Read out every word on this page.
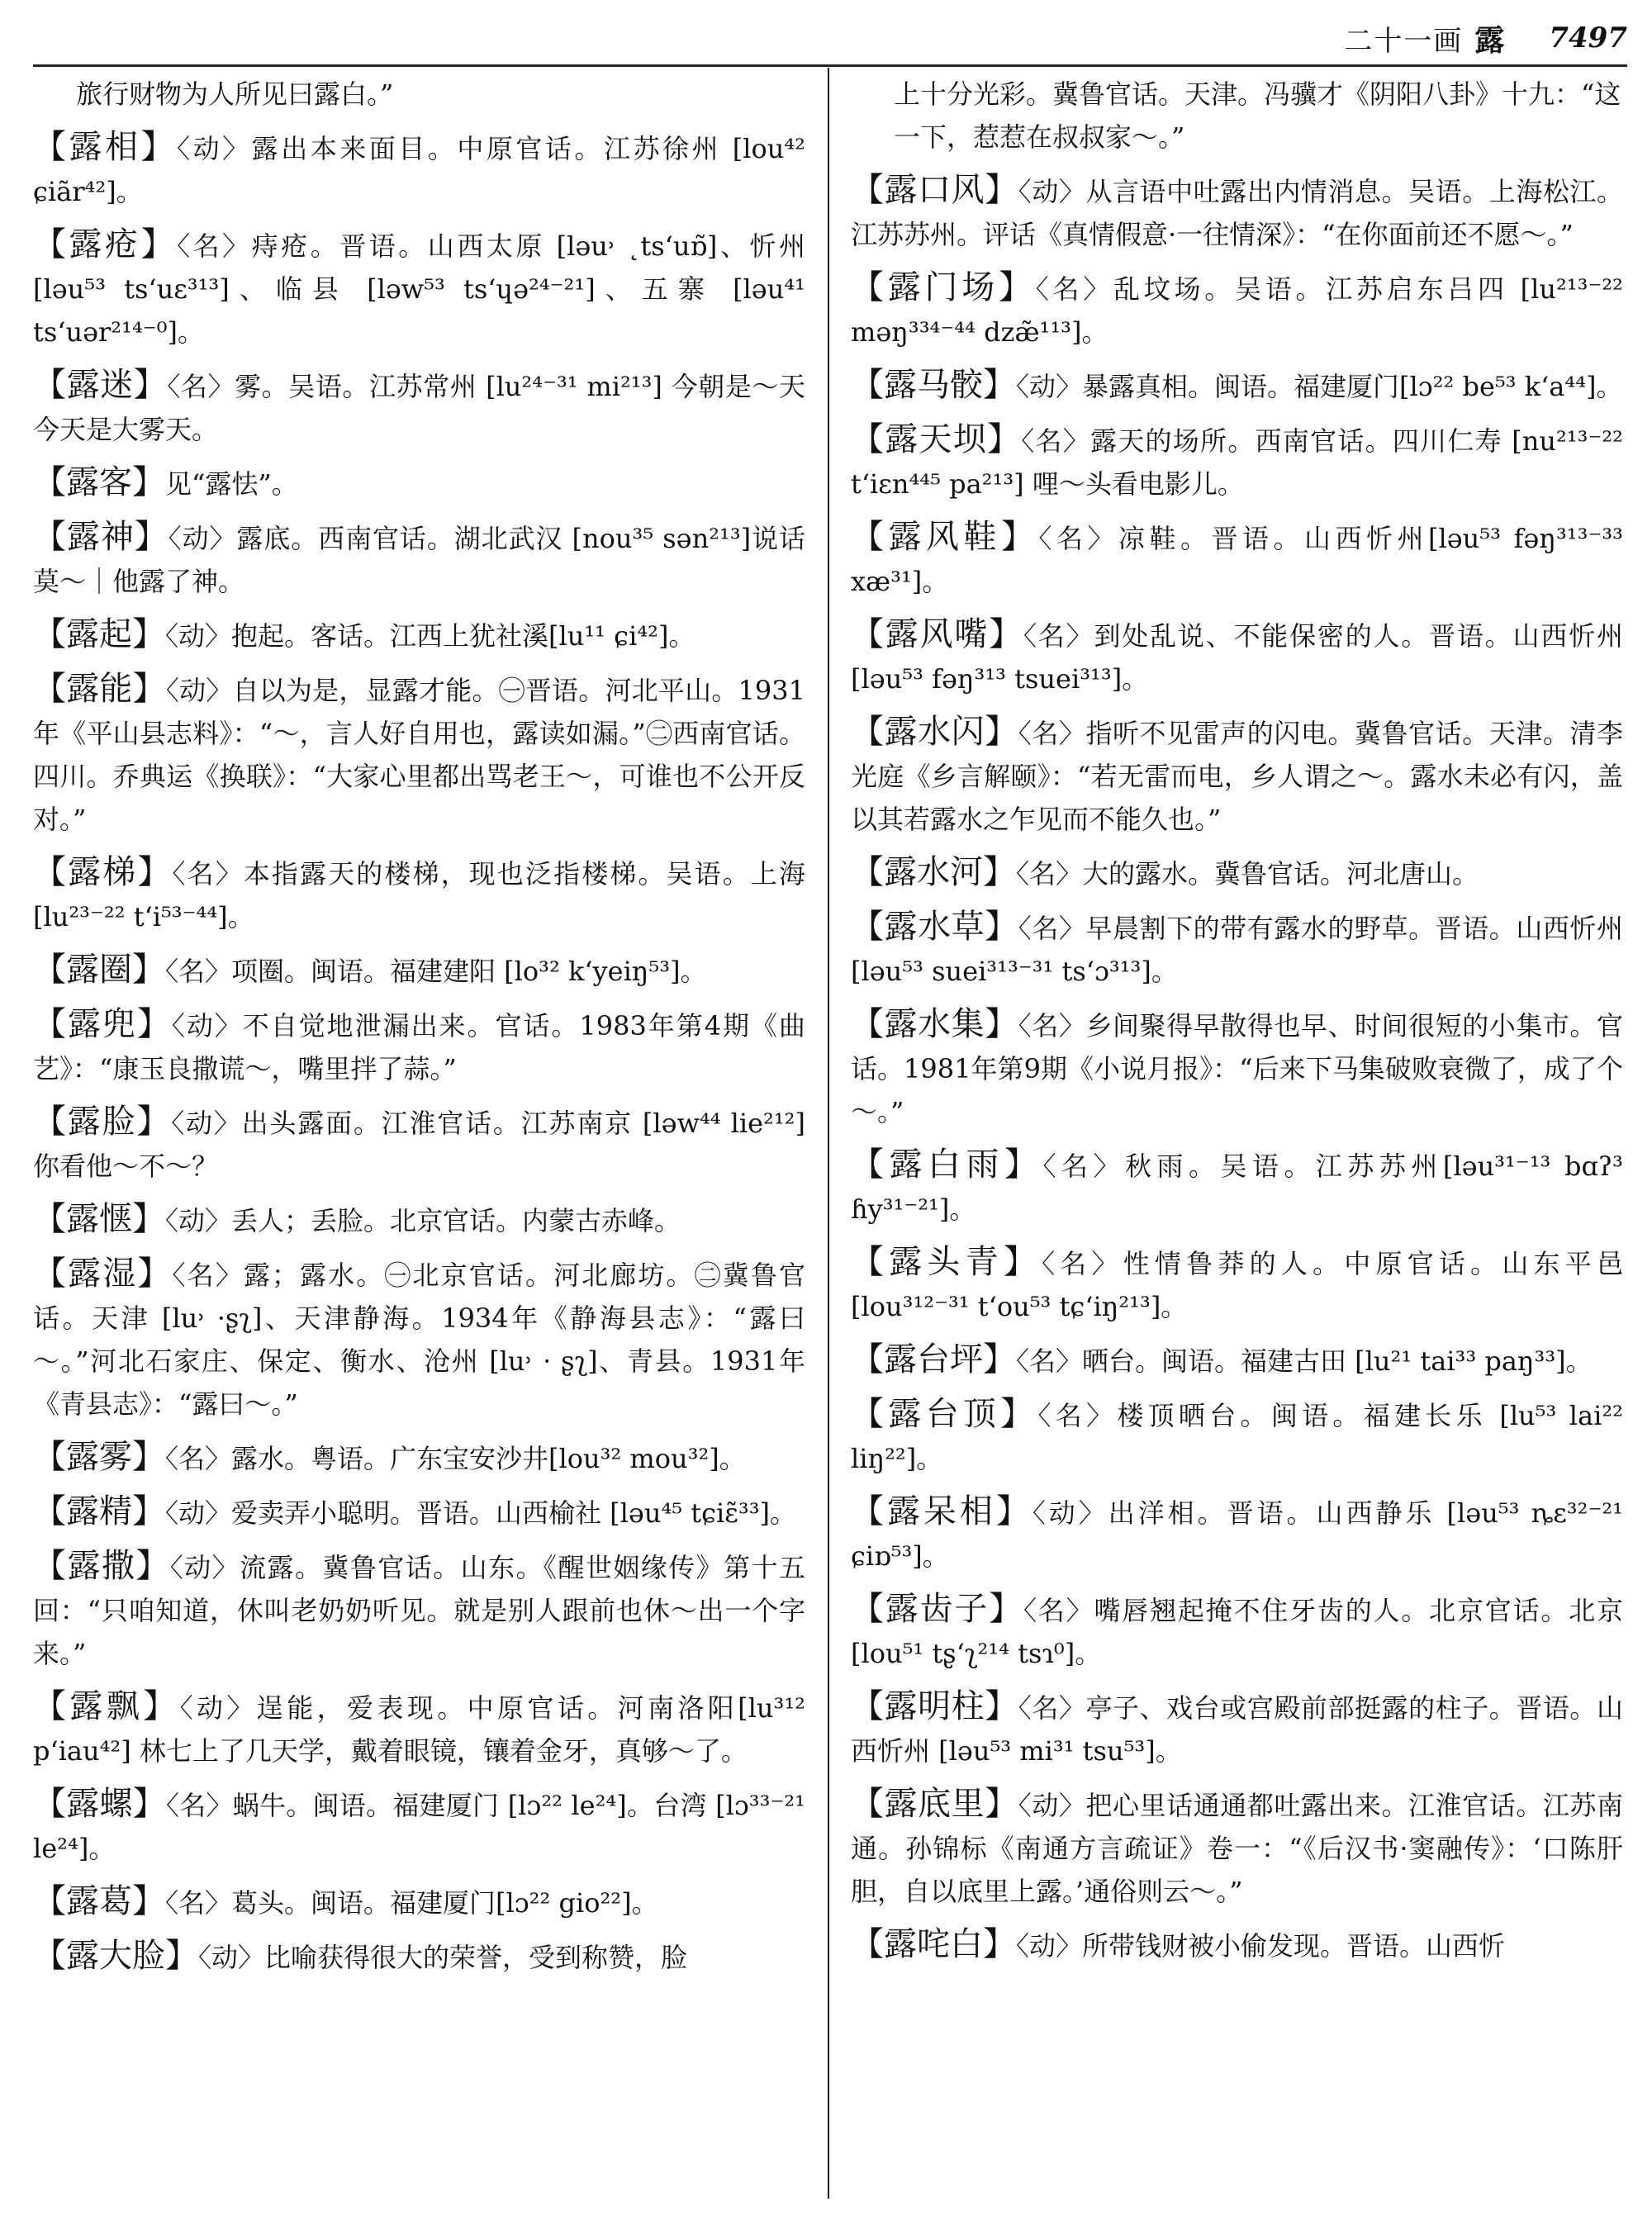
二十一画 露 7497

旅行财物为人所见曰露白。”

【露相】〈动〉露出本来面目。中原官话。江苏徐州 [lou⁴² ɕiãr⁴²]。

【露疮】〈名〉痔疮。晋语。山西太原 [ləu˒ ˛tsʻuɒ̃]、忻州 [ləu⁵³ tsʻuɛ³¹³]、临县 [ləw⁵³ tsʻɥə²⁴⁻²¹]、五寨 [ləu⁴¹ tsʻuər²¹⁴⁻⁰]。

【露迷】〈名〉雾。吴语。江苏常州 [lu²⁴⁻³¹ mi²¹³] 今朝是～天今天是大雾天。

【露客】见“露怯”。

【露神】〈动〉露底。西南官话。湖北武汉 [nou³⁵ sən²¹³]说话莫～｜他露了神。

【露起】〈动〉抱起。客话。江西上犹社溪[lu¹¹ ɕi⁴²]。

【露能】〈动〉自以为是，显露才能。㊀晋语。河北平山。1931年《平山县志料》：“～，言人好自用也，露读如漏。”㊁西南官话。四川。乔典运《换联》：“大家心里都出骂老王～，可谁也不公开反对。”

【露梯】〈名〉本指露天的楼梯，现也泛指楼梯。吴语。上海 [lu²³⁻²² tʻi⁵³⁻⁴⁴]。

【露圈】〈名〉项圈。闽语。福建建阳 [lo³² kʻyeiŋ⁵³]。

【露兜】〈动〉不自觉地泄漏出来。官话。1983年第4期《曲艺》：“康玉良撒谎～，嘴里拌了蒜。”

【露脸】〈动〉出头露面。江淮官话。江苏南京 [ləw⁴⁴ lie²¹²] 你看他～不～？

【露惬】〈动〉丢人；丢脸。北京官话。内蒙古赤峰。

【露湿】〈名〉露；露水。㊀北京官话。河北廊坊。㊁冀鲁官话。天津 [lu˒ ·ʂʅ]、天津静海。1934年《静海县志》：“露曰～。”河北石家庄、保定、衡水、沧州 [lu˒ · ʂʅ]、青县。1931年《青县志》：“露曰～。”

【露雾】〈名〉露水。粤语。广东宝安沙井[lou³² mou³²]。

【露精】〈动〉爱卖弄小聪明。晋语。山西榆社 [ləu⁴⁵ tɕiɛ̃³³]。

【露撒】〈动〉流露。冀鲁官话。山东。《醒世姻缘传》第十五回：“只咱知道，休叫老奶奶听见。就是别人跟前也休～出一个字来。”

【露飘】〈动〉逞能，爱表现。中原官话。河南洛阳[lu³¹² pʻiau⁴²] 林七上了几天学，戴着眼镜，镶着金牙，真够～了。

【露螺】〈名〉蜗牛。闽语。福建厦门 [lɔ²² le²⁴]。台湾 [lɔ³³⁻²¹ le²⁴]。

【露葛】〈名〉葛头。闽语。福建厦门[lɔ²² gio²²]。

【露大脸】〈动〉比喻获得很大的荣誉，受到称赞，脸

上十分光彩。冀鲁官话。天津。冯骥才《阴阳八卦》十九：“这一下，惹惹在叔叔家～。”

【露口风】〈动〉从言语中吐露出内情消息。吴语。上海松江。江苏苏州。评话《真情假意·一往情深》：“在你面前还不愿～。”

【露门场】〈名〉乱坟场。吴语。江苏启东吕四 [lu²¹³⁻²² məŋ³³⁴⁻⁴⁴ dzæ̃¹¹³]。

【露马骹】〈动〉暴露真相。闽语。福建厦门[lɔ²² be⁵³ kʻa⁴⁴]。

【露天坝】〈名〉露天的场所。西南官话。四川仁寿 [nu²¹³⁻²² tʻiɛn⁴⁴⁵ pa²¹³] 哩～头看电影儿。

【露风鞋】〈名〉凉鞋。晋语。山西忻州[ləu⁵³ fəŋ³¹³⁻³³ xæ³¹]。

【露风嘴】〈名〉到处乱说、不能保密的人。晋语。山西忻州 [ləu⁵³ fəŋ³¹³ tsuei³¹³]。

【露水闪】〈名〉指听不见雷声的闪电。冀鲁官话。天津。清李光庭《乡言解颐》：“若无雷而电，乡人谓之～。露水未必有闪，盖以其若露水之乍见而不能久也。”

【露水河】〈名〉大的露水。冀鲁官话。河北唐山。

【露水草】〈名〉早晨割下的带有露水的野草。晋语。山西忻州 [ləu⁵³ suei³¹³⁻³¹ tsʻɔ³¹³]。

【露水集】〈名〉乡间聚得早散得也早、时间很短的小集市。官话。1981年第9期《小说月报》：“后来下马集破败衰微了，成了个～。”

【露白雨】〈名〉秋雨。吴语。江苏苏州[ləu³¹⁻¹³ bɑʔ³ ɦy³¹⁻²¹]。

【露头青】〈名〉性情鲁莽的人。中原官话。山东平邑 [lou³¹²⁻³¹ tʻou⁵³ tɕʻiŋ²¹³]。

【露台坪】〈名〉晒台。闽语。福建古田 [lu²¹ tai³³ paŋ³³]。

【露台顶】〈名〉楼顶晒台。闽语。福建长乐 [lu⁵³ lai²² liŋ²²]。

【露呆相】〈动〉出洋相。晋语。山西静乐 [ləu⁵³ ȵɛ³²⁻²¹ ɕiɒ⁵³]。

【露齿子】〈名〉嘴唇翘起掩不住牙齿的人。北京官话。北京 [lou⁵¹ tʂʻʅ²¹⁴ tsɿ⁰]。

【露明柱】〈名〉亭子、戏台或宫殿前部挺露的柱子。晋语。山西忻州 [ləu⁵³ mi³¹ tsu⁵³]。

【露底里】〈动〉把心里话通通都吐露出来。江淮官话。江苏南通。孙锦标《南通方言疏证》卷一：“《后汉书·窦融传》：‘口陈肝胆，自以底里上露。’通俗则云～。”

【露咤白】〈动〉所带钱财被小偷发现。晋语。山西忻
